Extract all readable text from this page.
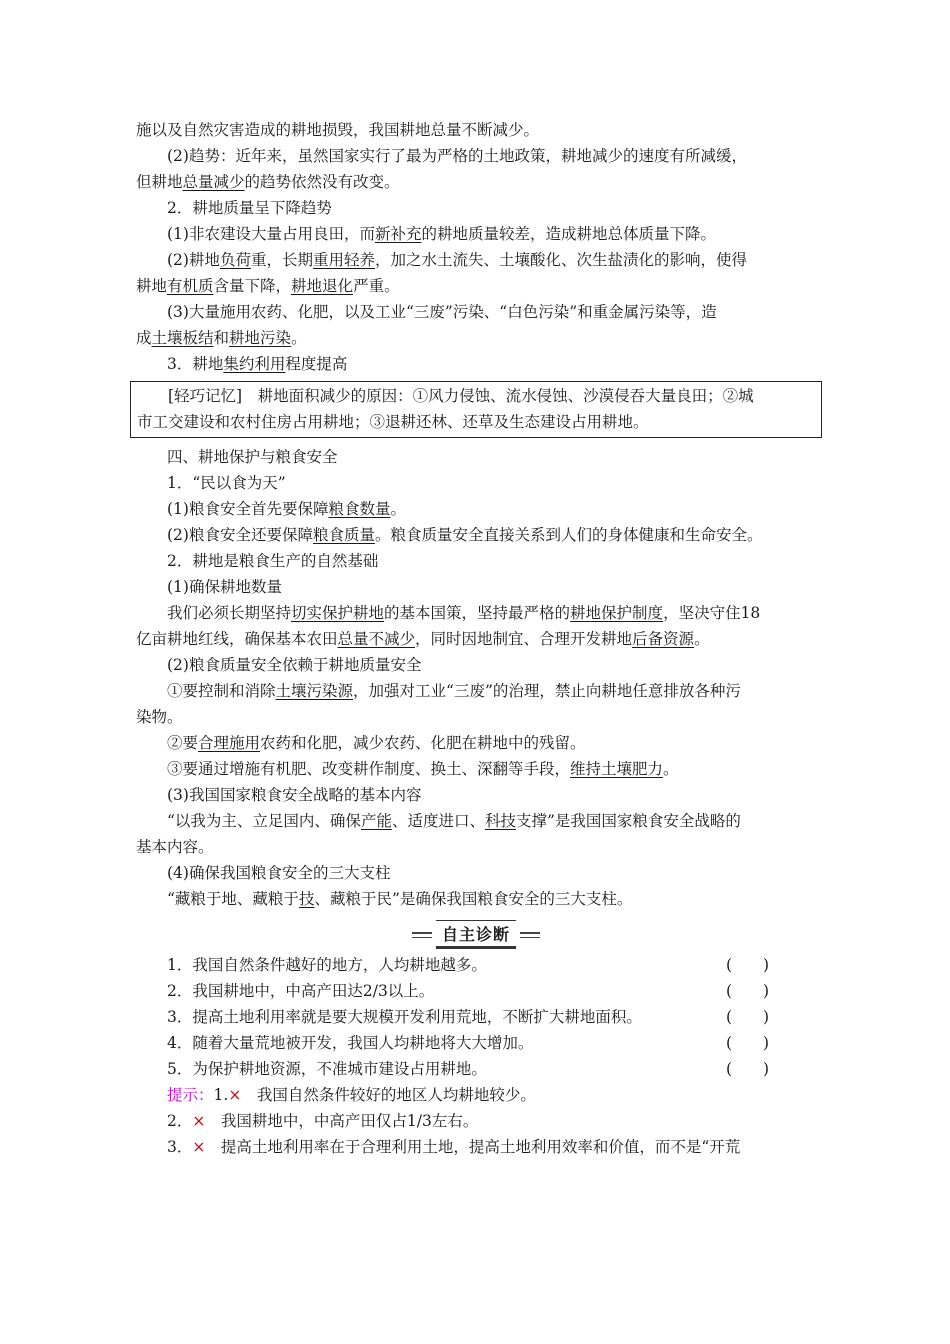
施以及自然灾害造成的耕地损毁，我国耕地总量不断减少。

(2)趋势：近年来，虽然国家实行了最为严格的土地政策，耕地减少的速度有所减缓，

但耕地总量减少的趋势依然没有改变。

2．耕地质量呈下降趋势

(1)非农建设大量占用良田，而新补充的耕地质量较差，造成耕地总体质量下降。

(2)耕地负荷重，长期重用轻养，加之水土流失、土壤酸化、次生盐渍化的影响，使得

耕地有机质含量下降，耕地退化严重。

(3)大量施用农药、化肥，以及工业“三废”污染、“白色污染”和重金属污染等，造

成土壤板结和耕地污染。

3．耕地集约利用程度提高

[轻巧记忆]　耕地面积减少的原因：①风力侵蚀、流水侵蚀、沙漠侵吞大量良田；②城

市工交建设和农村住房占用耕地；③退耕还林、还草及生态建设占用耕地。

四、耕地保护与粮食安全

1．“民以食为天”

(1)粮食安全首先要保障粮食数量。

(2)粮食安全还要保障粮食质量。粮食质量安全直接关系到人们的身体健康和生命安全。

2．耕地是粮食生产的自然基础

(1)确保耕地数量

我们必须长期坚持切实保护耕地的基本国策，坚持最严格的耕地保护制度，坚决守住18

亿亩耕地红线，确保基本农田总量不减少，同时因地制宜、合理开发耕地后备资源。

(2)粮食质量安全依赖于耕地质量安全

①要控制和消除土壤污染源，加强对工业“三废”的治理，禁止向耕地任意排放各种污

染物。

②要合理施用农药和化肥，减少农药、化肥在耕地中的残留。

③要通过增施有机肥、改变耕作制度、换土、深翻等手段，维持土壤肥力。

(3)我国国家粮食安全战略的基本内容

“以我为主、立足国内、确保产能、适度进口、科技支撑”是我国国家粮食安全战略的

基本内容。

(4)确保我国粮食安全的三大支柱

“藏粮于地、藏粮于技、藏粮于民”是确保我国粮食安全的三大支柱。

自主诊断
1．我国自然条件越好的地方，人均耕地越多。	(　　)
2．我国耕地中，中高产田达2/3以上。	(　　)
3．提高土地利用率就是要大规模开发利用荒地，不断扩大耕地面积。	(　　)
4．随着大量荒地被开发，我国人均耕地将大大增加。	(　　)
5．为保护耕地资源，不准城市建设占用耕地。	(　　)

提示：1.×　我国自然条件较好的地区人均耕地较少。

2．×　我国耕地中，中高产田仅占1/3左右。

3．×　提高土地利用率在于合理利用土地，提高土地利用效率和价值，而不是“开荒
